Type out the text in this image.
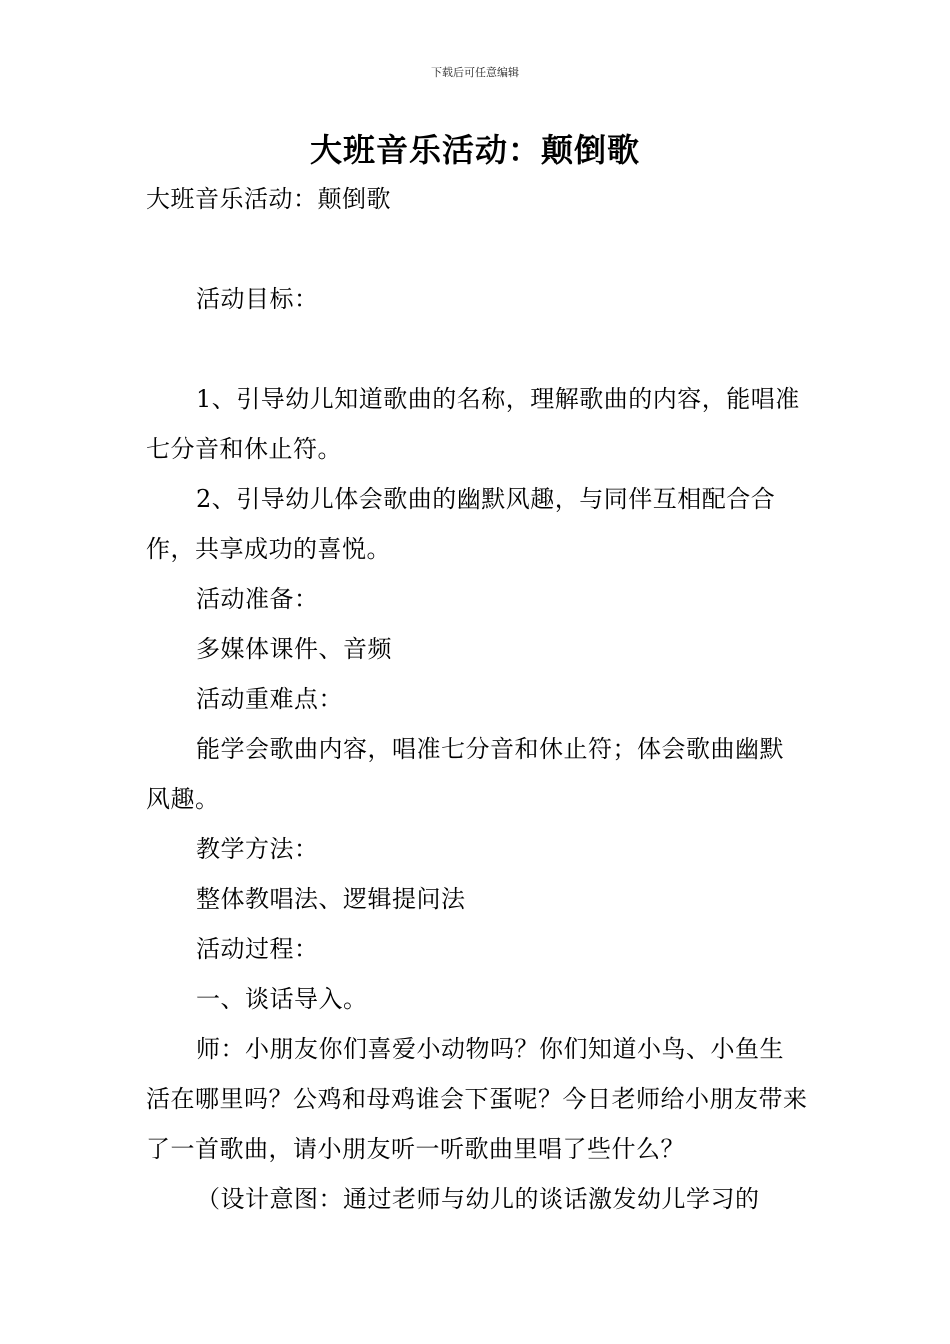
下载后可任意编辑
大班音乐活动：颠倒歌

大班音乐活动：颠倒歌

活动目标：

1、引导幼儿知道歌曲的名称，理解歌曲的内容，能唱准七分音和休止符。

2、引导幼儿体会歌曲的幽默风趣，与同伴互相配合合作，共享成功的喜悦。

活动准备：

多媒体课件、音频

活动重难点：

能学会歌曲内容，唱准七分音和休止符；体会歌曲幽默风趣。

教学方法：

整体教唱法、逻辑提问法

活动过程：

一、谈话导入。

师：小朋友你们喜爱小动物吗？你们知道小鸟、小鱼生活在哪里吗？公鸡和母鸡谁会下蛋呢？今日老师给小朋友带来了一首歌曲，请小朋友听一听歌曲里唱了些什么？

（设计意图：通过老师与幼儿的谈话激发幼儿学习的
